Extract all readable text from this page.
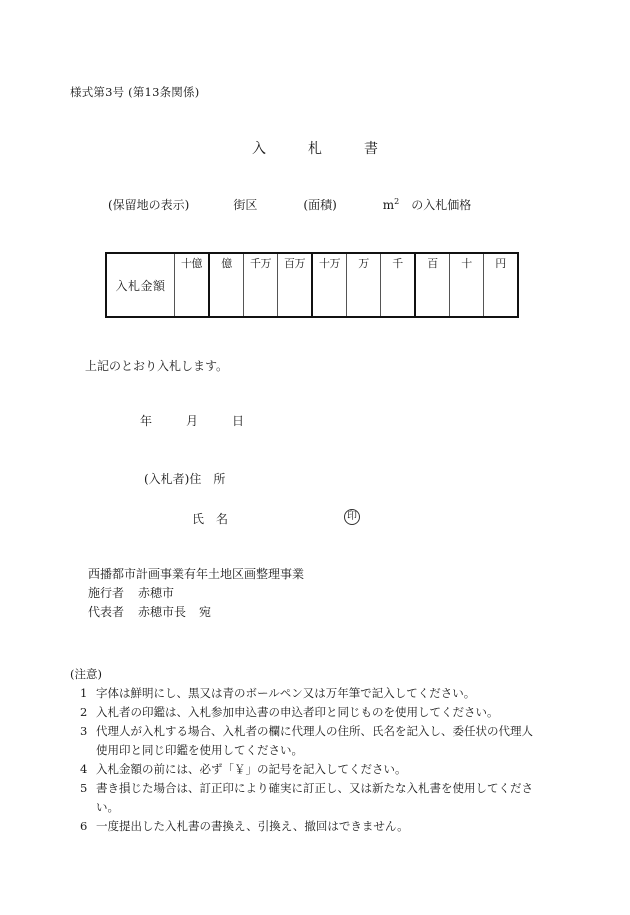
様式第3号 (第13条関係)
入	札	書
(保留地の表示)	街区	(面積)	$m^2$ の入札価格
入札金額	
十億	億	千万	百万	十万	万	千	百	十	円
上記のとおり入札します。
年	月	日
(入札者)住 所
氏 名	印
西播都市計画事業有年土地区画整理事業
施行者 赤穂市
代表者 赤穂市長 宛
(注意)
1 字体は鮮明にし、黒又は青のボールペン又は万年筆で記入してください。
2 入札者の印鑑は、入札参加申込書の申込者印と同じものを使用してください。
3 代理人が入札する場合、入札者の欄に代理人の住所、氏名を記入し、委任状の代理人
使用印と同じ印鑑を使用してください。
4 入札金額の前には、必ず「￥」の記号を記入してください。
5 書き損じた場合は、訂正印により確実に訂正し、又は新たな入札書を使用してくださ
い。
6 一度提出した入札書の書換え、引換え、撤回はできません。
